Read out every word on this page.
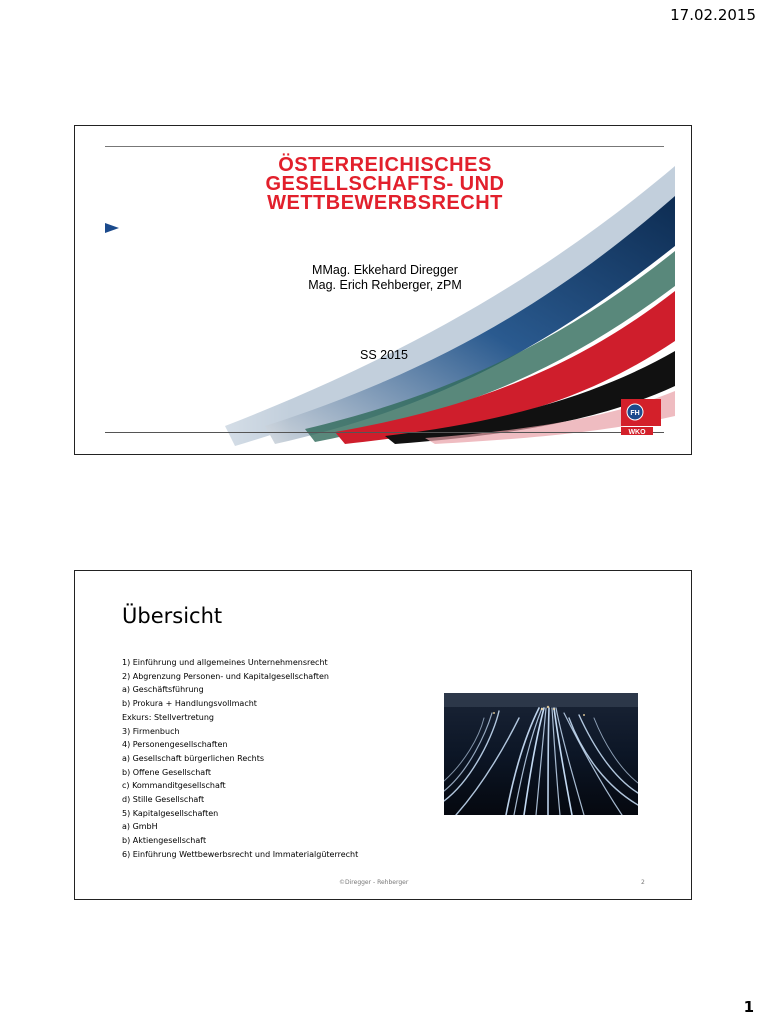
17.02.2015
ÖSTERREICHISCHES
GESELLSCHAFTS- UND
WETTBEWERBSRECHT
MMag. Ekkehard Diregger
Mag. Erich Rehberger, zPM
SS 2015
FH
WKO
Übersicht
1) Einführung und allgemeines Unternehmensrecht
2) Abgrenzung Personen- und Kapitalgesellschaften
a) Geschäftsführung
b) Prokura + Handlungsvollmacht
Exkurs: Stellvertretung
3) Firmenbuch
4) Personengesellschaften
a) Gesellschaft bürgerlichen Rechts
b) Offene Gesellschaft
c) Kommanditgesellschaft
d) Stille Gesellschaft
5) Kapitalgesellschaften
a) GmbH
b) Aktiengesellschaft
6) Einführung Wettbewerbsrecht und Immaterialgüterrecht
©Diregger - Rehberger	2
1
